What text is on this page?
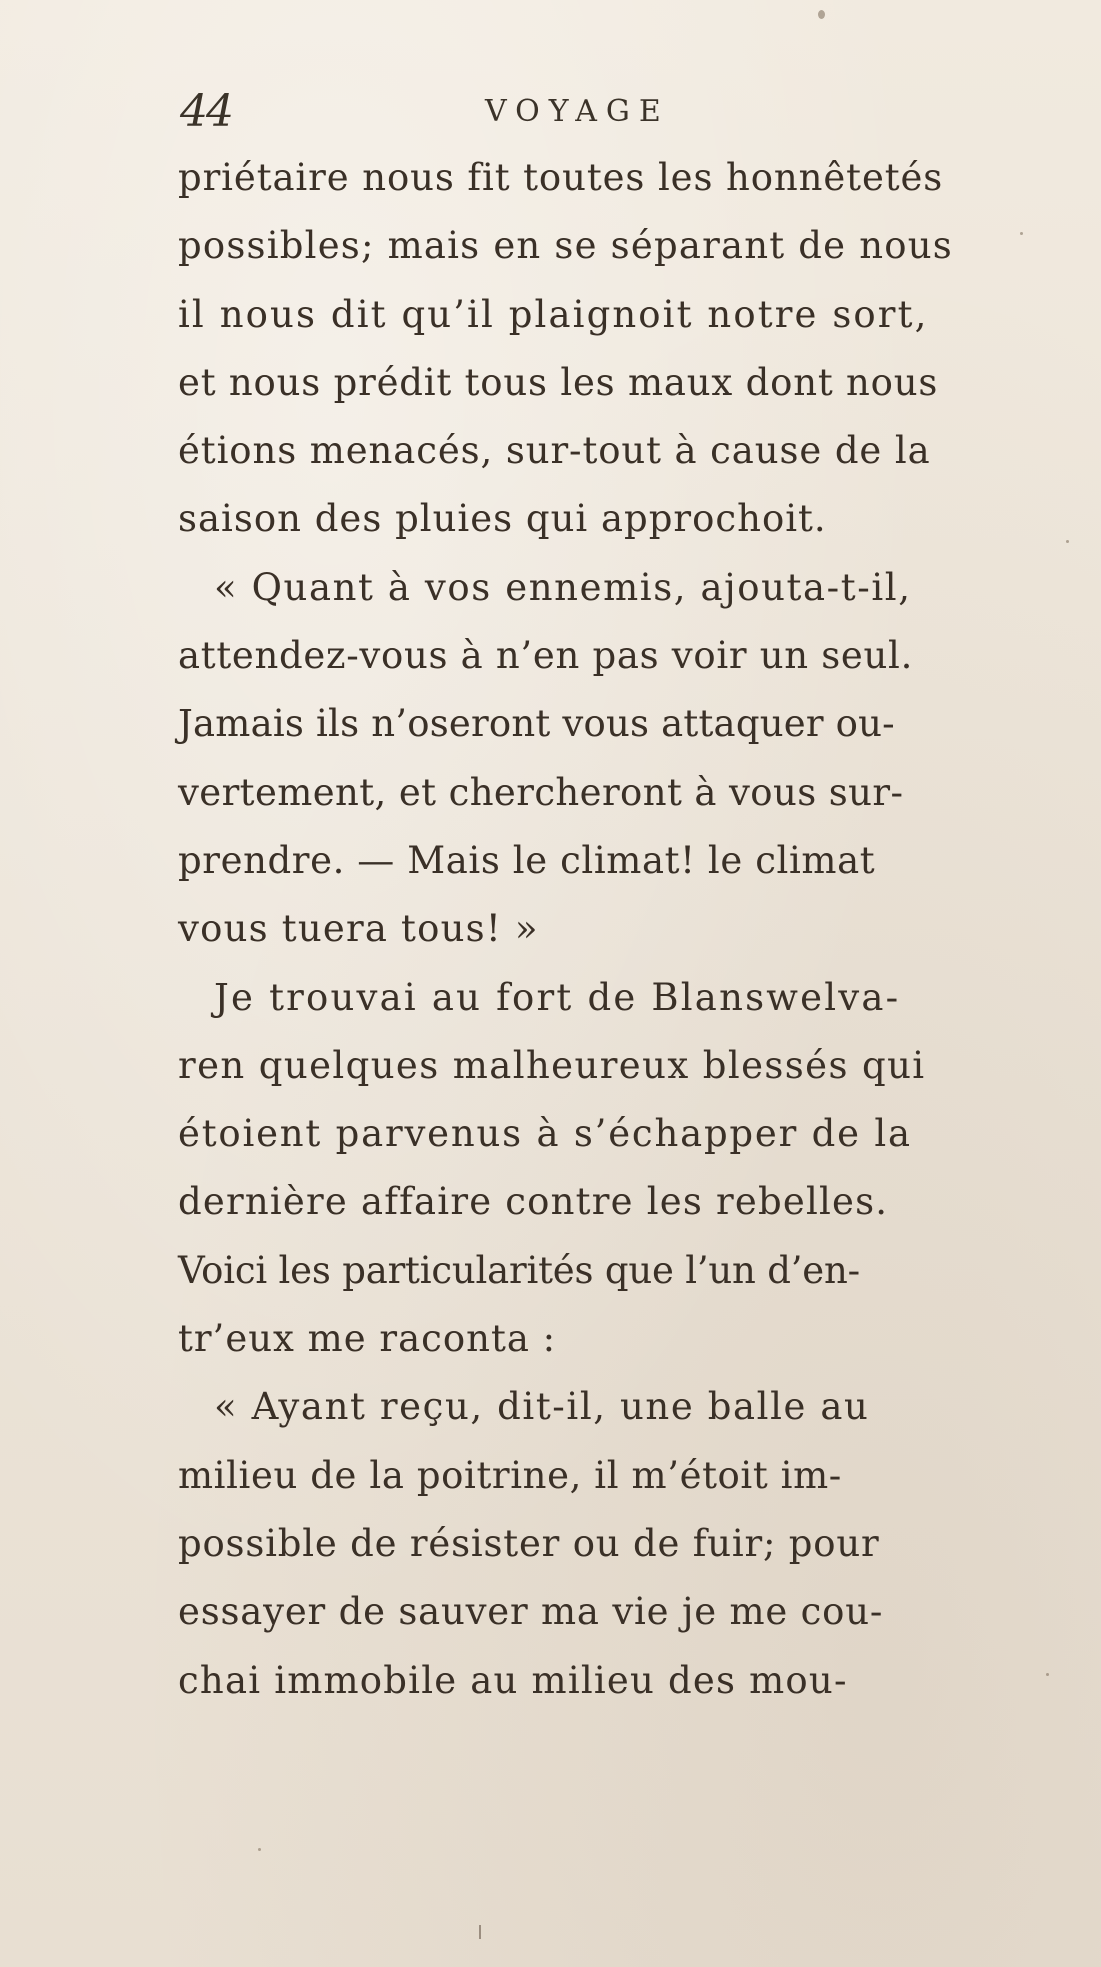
44	VOYAGE
priétaire nous fit toutes les honnêtetés
possibles; mais en se séparant de nous
il nous dit qu’il plaignoit notre sort,
et nous prédit tous les maux dont nous
étions menacés, sur-tout à cause de la
saison des pluies qui approchoit.
« Quant à vos ennemis, ajouta-t-il,
attendez-vous à n’en pas voir un seul.
Jamais ils n’oseront vous attaquer ou-
vertement, et chercheront à vous sur-
prendre. — Mais le climat! le climat
vous tuera tous! »
Je trouvai au fort de Blanswelva-
ren quelques malheureux blessés qui
étoient parvenus à s’échapper de la
dernière affaire contre les rebelles.
Voici les particularités que l’un d’en-
tr’eux me raconta :
« Ayant reçu, dit-il, une balle au
milieu de la poitrine, il m’étoit im-
possible de résister ou de fuir; pour
essayer de sauver ma vie je me cou-
chai immobile au milieu des mou-
